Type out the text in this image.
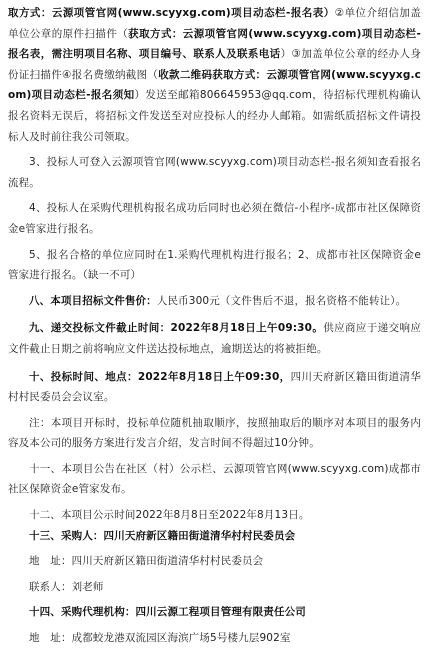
取方式：云源项管官网(www.scyyxg.com)项目动态栏-报名表）②单位介绍信加盖单位公章的原件扫描件（获取方式：云源项管官网(www.scyyxg.com)项目动态栏-报名表，需注明项目名称、项目编号、联系人及联系电话）③加盖单位公章的经办人身份证扫描件④报名费缴纳截图（收款二维码获取方式：云源项管官网(www.scyyxg.com)项目动态栏-报名须知）发送至邮箱806645953@qq.com，待招标代理机构确认报名资料无误后，将招标文件发送至对应投标人的经办人邮箱。如需纸质招标文件请投标人及时前往我公司领取。

3、投标人可登入云源项管官网(www.scyyxg.com)项目动态栏-报名须知查看报名流程。

4、投标人在采购代理机构报名成功后同时也必须在微信-小程序-成都市社区保障资金e管家进行报名。

5、报名合格的单位应同时在1.采购代理机构进行报名；2、成都市社区保障资金e管家进行报名。（缺一不可）

八、本项目招标文件售价：人民币300元（文件售后不退，报名资格不能转让）。

九、递交投标文件截止时间：2022年8月18日上午09:30。供应商应于递交响应文件截止日期之前将响应文件送达投标地点，逾期送达的将被拒绝。

十、投标时间、地点：2022年8月18日上午09:30，四川天府新区籍田街道清华村村民委员会会议室。

注：本项目开标时，投标单位随机抽取顺序，按照抽取后的顺序对本项目的服务内容及本公司的服务方案进行发言介绍，发言时间不得超过10分钟。

十一、本项目公告在社区（村）公示栏、云源项管官网(www.scyyxg.com)成都市社区保障资金e管家发布。

十二、本项目公示时间2022年8月8日至2022年8月13日。

十三、采购人：四川天府新区籍田街道清华村村民委员会

地　址：四川天府新区籍田街道清华村村民委员会

联系人：刘老师

十四、采购代理机构：四川云源工程项目管理有限责任公司

地　址：成都蛟龙港双流园区海滨广场5号楼九层902室
